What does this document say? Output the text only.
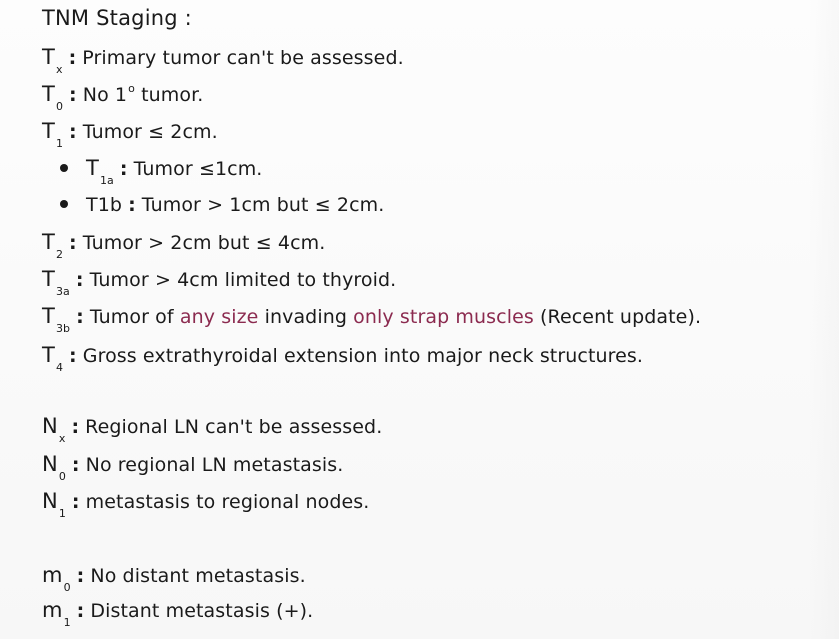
TNM Staging :
$T_x$: Primary tumor can't be assessed.
$T_0$: No 1$^o$ tumor.
$T_1$: Tumor ≤ 2cm.
$T_{1a}$: Tumor ≤1cm.
T1b : Tumor > 1cm but ≤ 2cm.
$T_2$: Tumor > 2cm but ≤ 4cm.
$T_{3a}$: Tumor > 4cm limited to thyroid.
$T_{3b}$: Tumor of any size invading only strap muscles (Recent update).
$T_4$: Gross extrathyroidal extension into major neck structures.
$N_x$: Regional LN can't be assessed.
$N_0$: No regional LN metastasis.
$N_1$: metastasis to regional nodes.
$m_0$: No distant metastasis.
$m_1$: Distant metastasis (+).
